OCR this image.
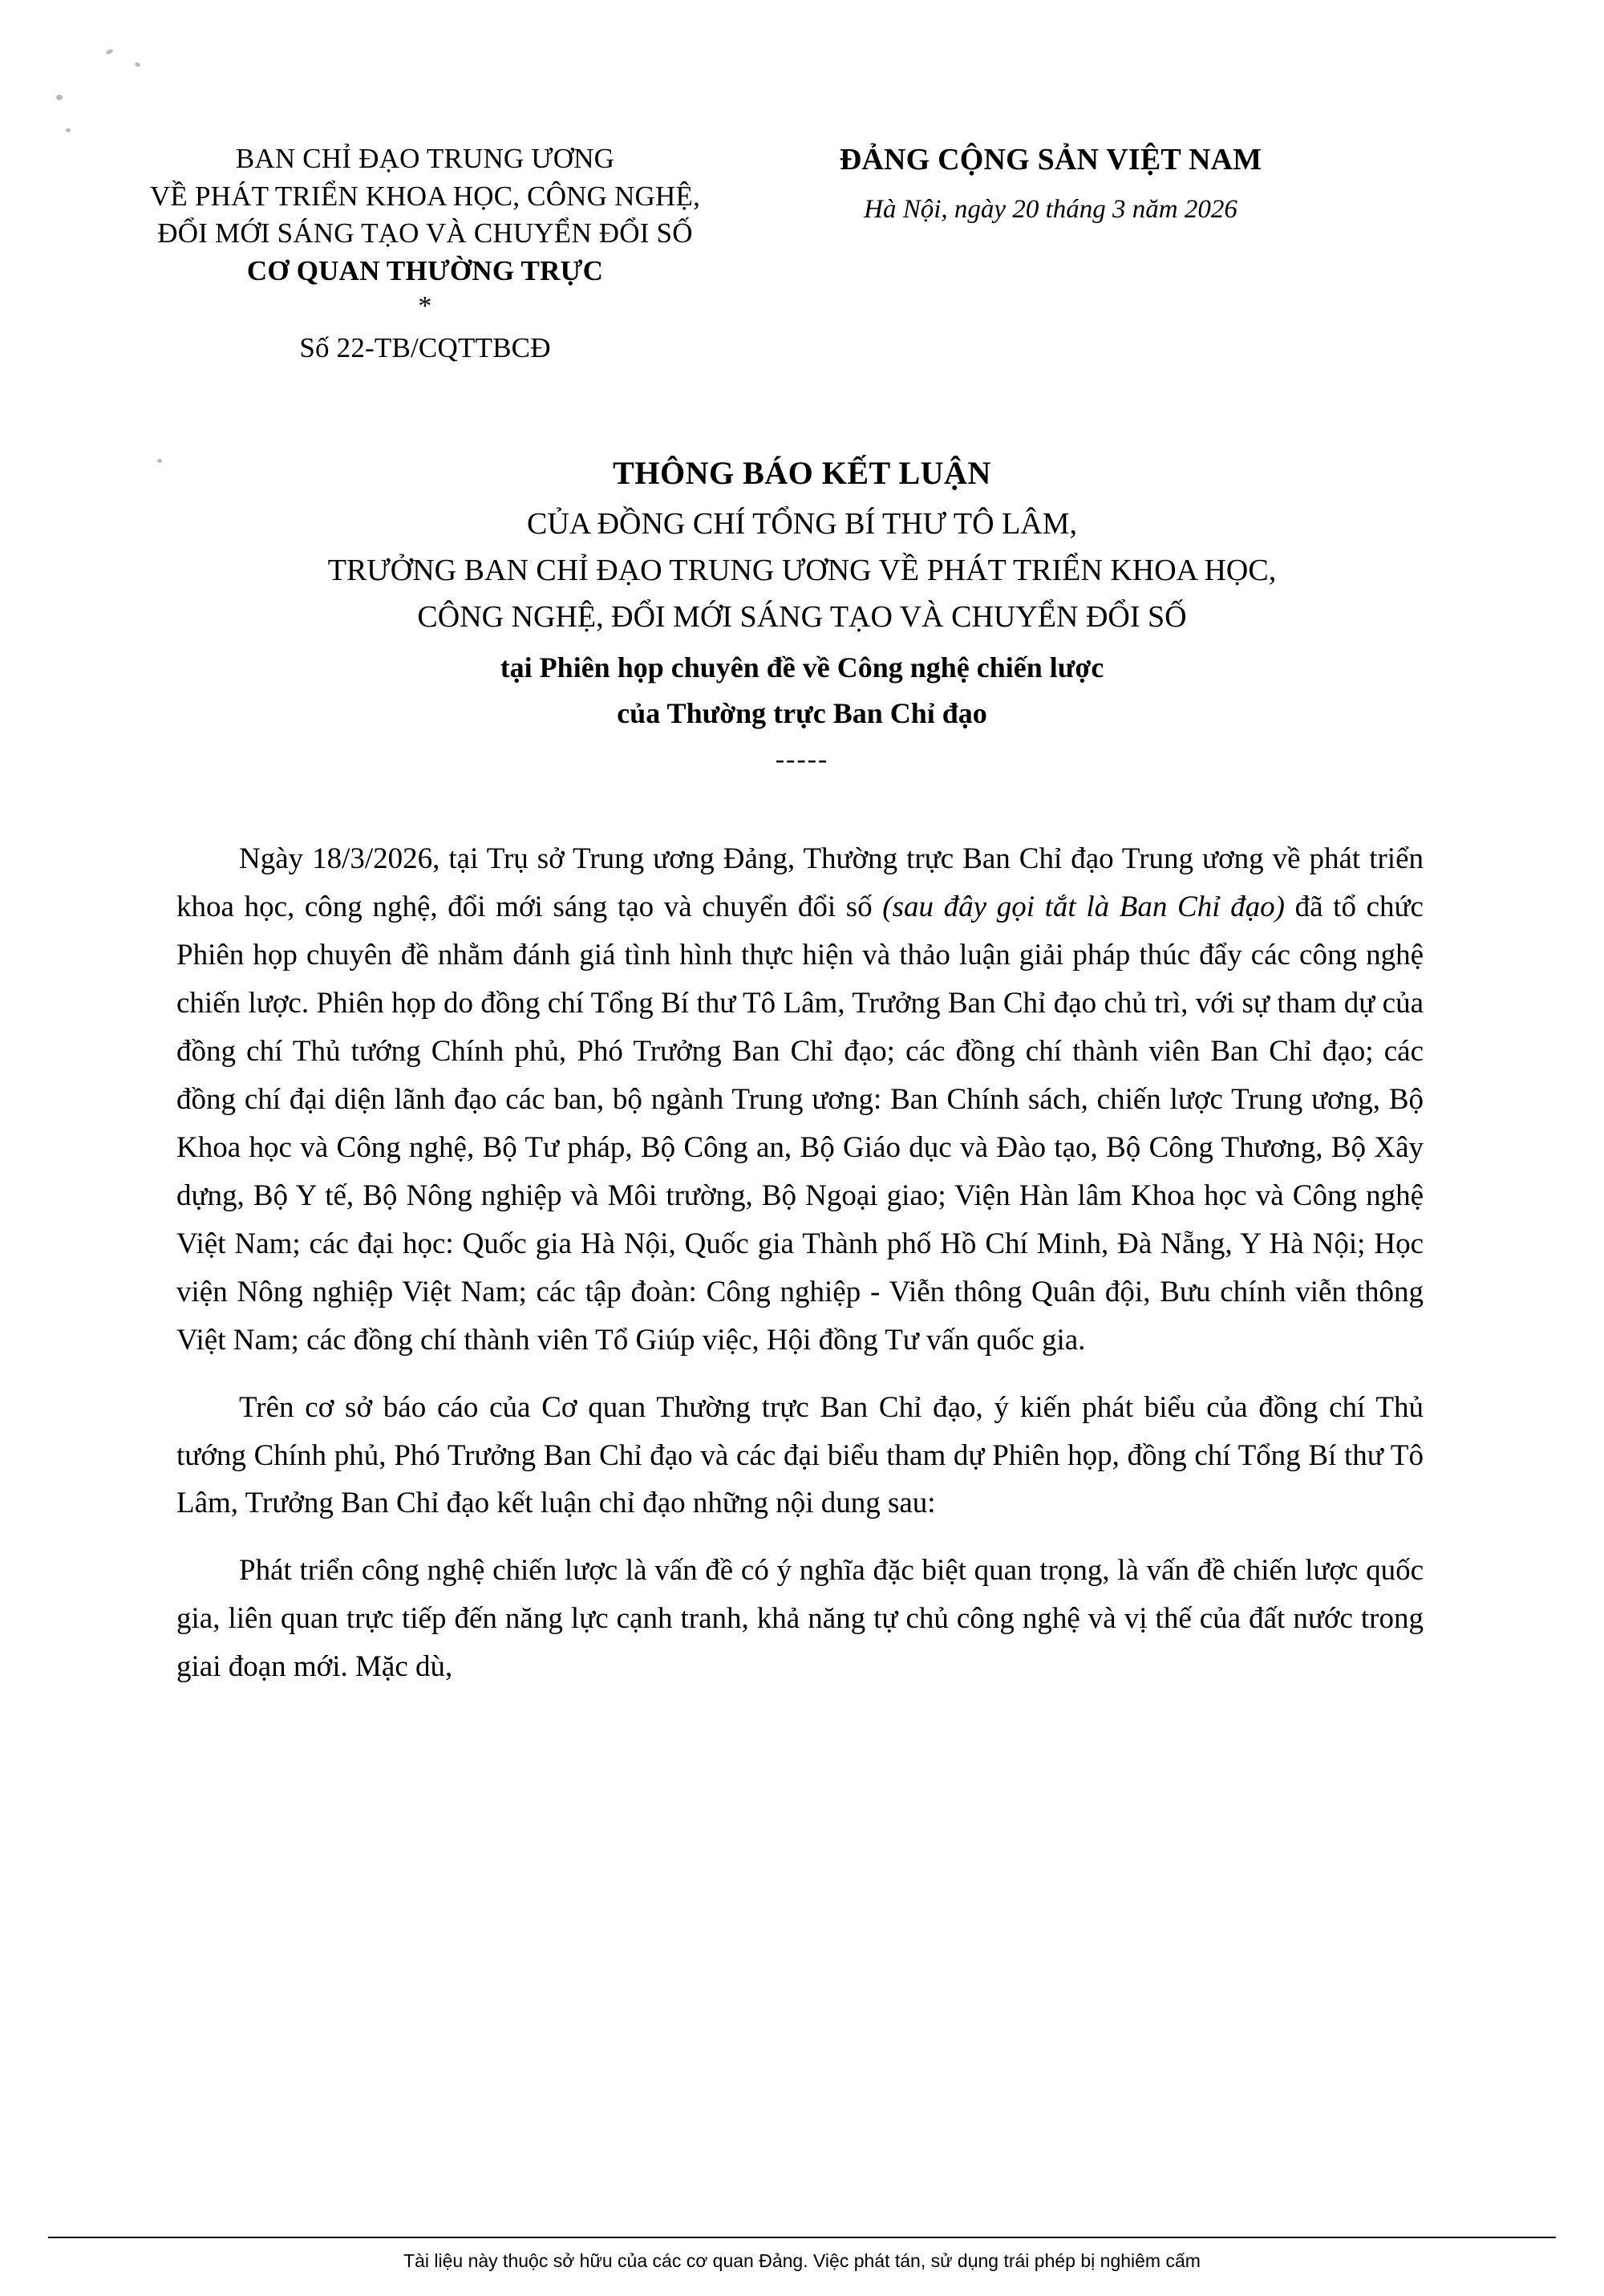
BAN CHỈ ĐẠO TRUNG ƯƠNG
VỀ PHÁT TRIỂN KHOA HỌC, CÔNG NGHỆ,
ĐỔI MỚI SÁNG TẠO VÀ CHUYỂN ĐỔI SỐ
CƠ QUAN THƯỜNG TRỰC
*
Số 22-TB/CQTTBCĐ
ĐẢNG CỘNG SẢN VIỆT NAM
Hà Nội, ngày 20 tháng 3 năm 2026
THÔNG BÁO KẾT LUẬN
CỦA ĐỒNG CHÍ TỔNG BÍ THƯ TÔ LÂM,
TRƯỞNG BAN CHỈ ĐẠO TRUNG ƯƠNG VỀ PHÁT TRIỂN KHOA HỌC,
CÔNG NGHỆ, ĐỔI MỚI SÁNG TẠO VÀ CHUYỂN ĐỔI SỐ
tại Phiên họp chuyên đề về Công nghệ chiến lược
của Thường trực Ban Chỉ đạo
-----

Ngày 18/3/2026, tại Trụ sở Trung ương Đảng, Thường trực Ban Chỉ đạo Trung ương về phát triển khoa học, công nghệ, đổi mới sáng tạo và chuyển đổi số (sau đây gọi tắt là Ban Chỉ đạo) đã tổ chức Phiên họp chuyên đề nhằm đánh giá tình hình thực hiện và thảo luận giải pháp thúc đẩy các công nghệ chiến lược. Phiên họp do đồng chí Tổng Bí thư Tô Lâm, Trưởng Ban Chỉ đạo chủ trì, với sự tham dự của đồng chí Thủ tướng Chính phủ, Phó Trưởng Ban Chỉ đạo; các đồng chí thành viên Ban Chỉ đạo; các đồng chí đại diện lãnh đạo các ban, bộ ngành Trung ương: Ban Chính sách, chiến lược Trung ương, Bộ Khoa học và Công nghệ, Bộ Tư pháp, Bộ Công an, Bộ Giáo dục và Đào tạo, Bộ Công Thương, Bộ Xây dựng, Bộ Y tế, Bộ Nông nghiệp và Môi trường, Bộ Ngoại giao; Viện Hàn lâm Khoa học và Công nghệ Việt Nam; các đại học: Quốc gia Hà Nội, Quốc gia Thành phố Hồ Chí Minh, Đà Nẵng, Y Hà Nội; Học viện Nông nghiệp Việt Nam; các tập đoàn: Công nghiệp - Viễn thông Quân đội, Bưu chính viễn thông Việt Nam; các đồng chí thành viên Tổ Giúp việc, Hội đồng Tư vấn quốc gia.

Trên cơ sở báo cáo của Cơ quan Thường trực Ban Chỉ đạo, ý kiến phát biểu của đồng chí Thủ tướng Chính phủ, Phó Trưởng Ban Chỉ đạo và các đại biểu tham dự Phiên họp, đồng chí Tổng Bí thư Tô Lâm, Trưởng Ban Chỉ đạo kết luận chỉ đạo những nội dung sau:

Phát triển công nghệ chiến lược là vấn đề có ý nghĩa đặc biệt quan trọng, là vấn đề chiến lược quốc gia, liên quan trực tiếp đến năng lực cạnh tranh, khả năng tự chủ công nghệ và vị thế của đất nước trong giai đoạn mới. Mặc dù,

Tài liệu này thuộc sở hữu của các cơ quan Đảng. Việc phát tán, sử dụng trái phép bị nghiêm cấm
